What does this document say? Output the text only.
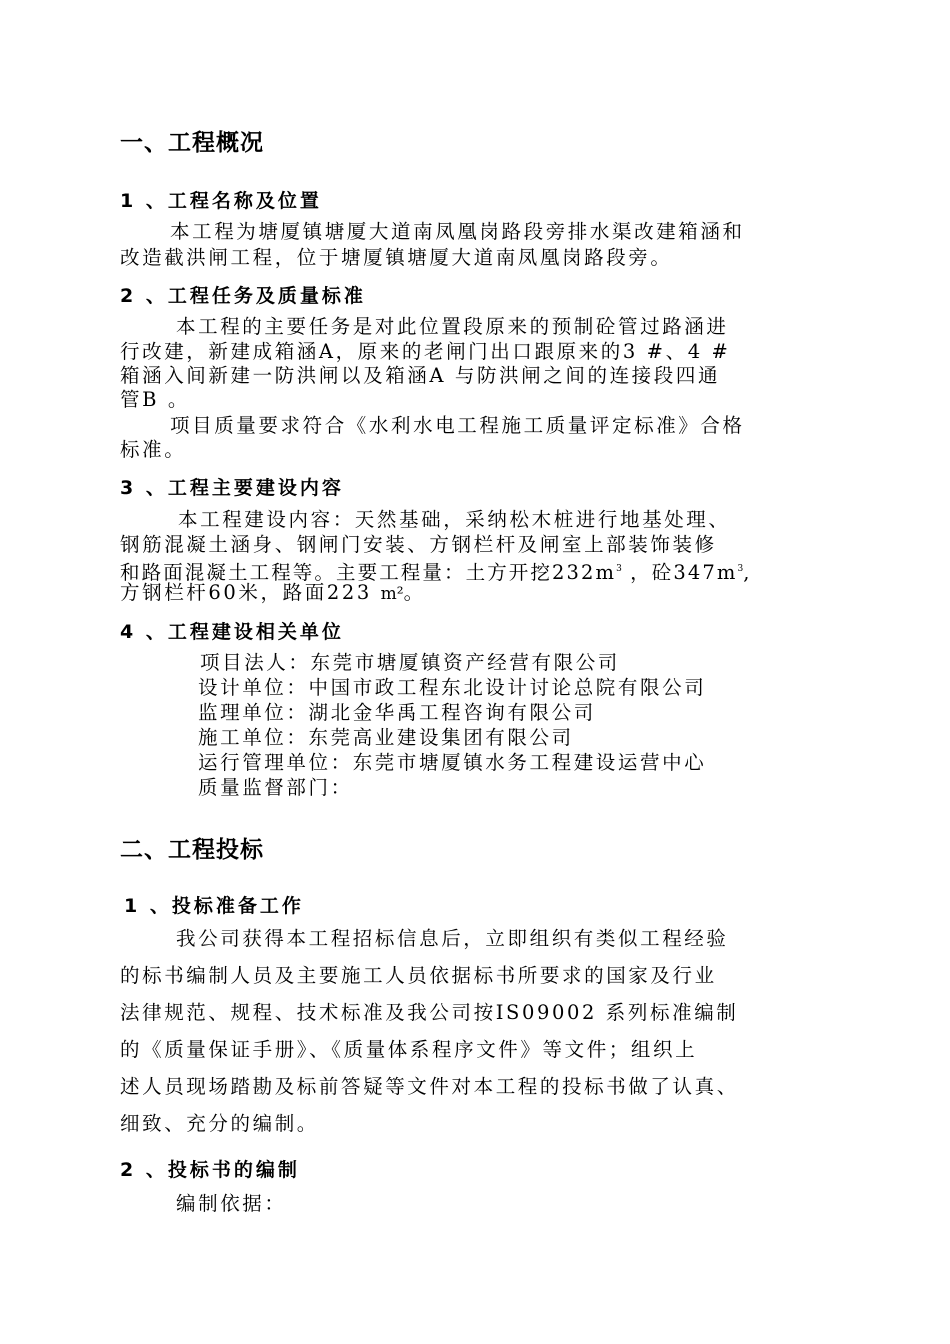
一、工程概况
1 、工程名称及位置
本工程为塘厦镇塘厦大道南凤凰岗路段旁排水渠改建箱涵和
改造截洪闸工程，位于塘厦镇塘厦大道南凤凰岗路段旁。
2 、工程任务及质量标准
本工程的主要任务是对此位置段原来的预制砼管过路涵进
行改建，新建成箱涵A，原来的老闸门出口跟原来的3 #、4 #
箱涵入间新建一防洪闸以及箱涵A 与防洪闸之间的连接段四通
管B 。
项目质量要求符合《水利水电工程施工质量评定标准》合格
标准。
3 、工程主要建设内容
本工程建设内容：天然基础，采纳松木桩进行地基处理、
钢筋混凝土涵身、钢闸门安装、方钢栏杆及闸室上部装饰装修
和路面混凝土工程等。主要工程量：土方开挖$232m^3$ ，砼$347m^3$,
方钢栏杆60米，路面223 m²。
4 、工程建设相关单位
项目法人：东莞市塘厦镇资产经营有限公司
设计单位：中国市政工程东北设计讨论总院有限公司
监理单位：湖北金华禹工程咨询有限公司
施工单位：东莞高业建设集团有限公司
运行管理单位：东莞市塘厦镇水务工程建设运营中心
质量监督部门：
二、工程投标
1 、投标准备工作
我公司获得本工程招标信息后，立即组织有类似工程经验
的标书编制人员及主要施工人员依据标书所要求的国家及行业
法律规范、规程、技术标准及我公司按IS09002 系列标准编制
的《质量保证手册》、《质量体系程序文件》等文件；组织上
述人员现场踏勘及标前答疑等文件对本工程的投标书做了认真、
细致、充分的编制。
2 、投标书的编制
编制依据：
